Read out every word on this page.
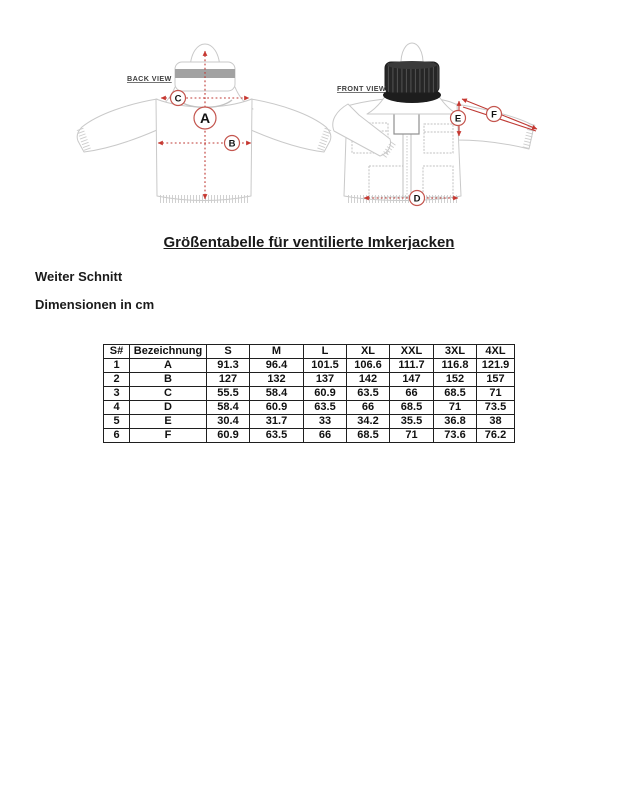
BACK VIEW
A
C
B
FRONT VIEW
D
E	F
Größentabelle für ventilierte Imkerjacken
Weiter Schnitt
Dimensionen in cm
S#	Bezeichnung	S	M	L	XL	XXL	3XL	4XL
1	A	91.3	96.4	101.5	106.6	111.7	116.8	121.9
2	B	127	132	137	142	147	152	157
3	C	55.5	58.4	60.9	63.5	66	68.5	71
4	D	58.4	60.9	63.5	66	68.5	71	73.5
5	E	30.4	31.7	33	34.2	35.5	36.8	38
6	F	60.9	63.5	66	68.5	71	73.6	76.2
